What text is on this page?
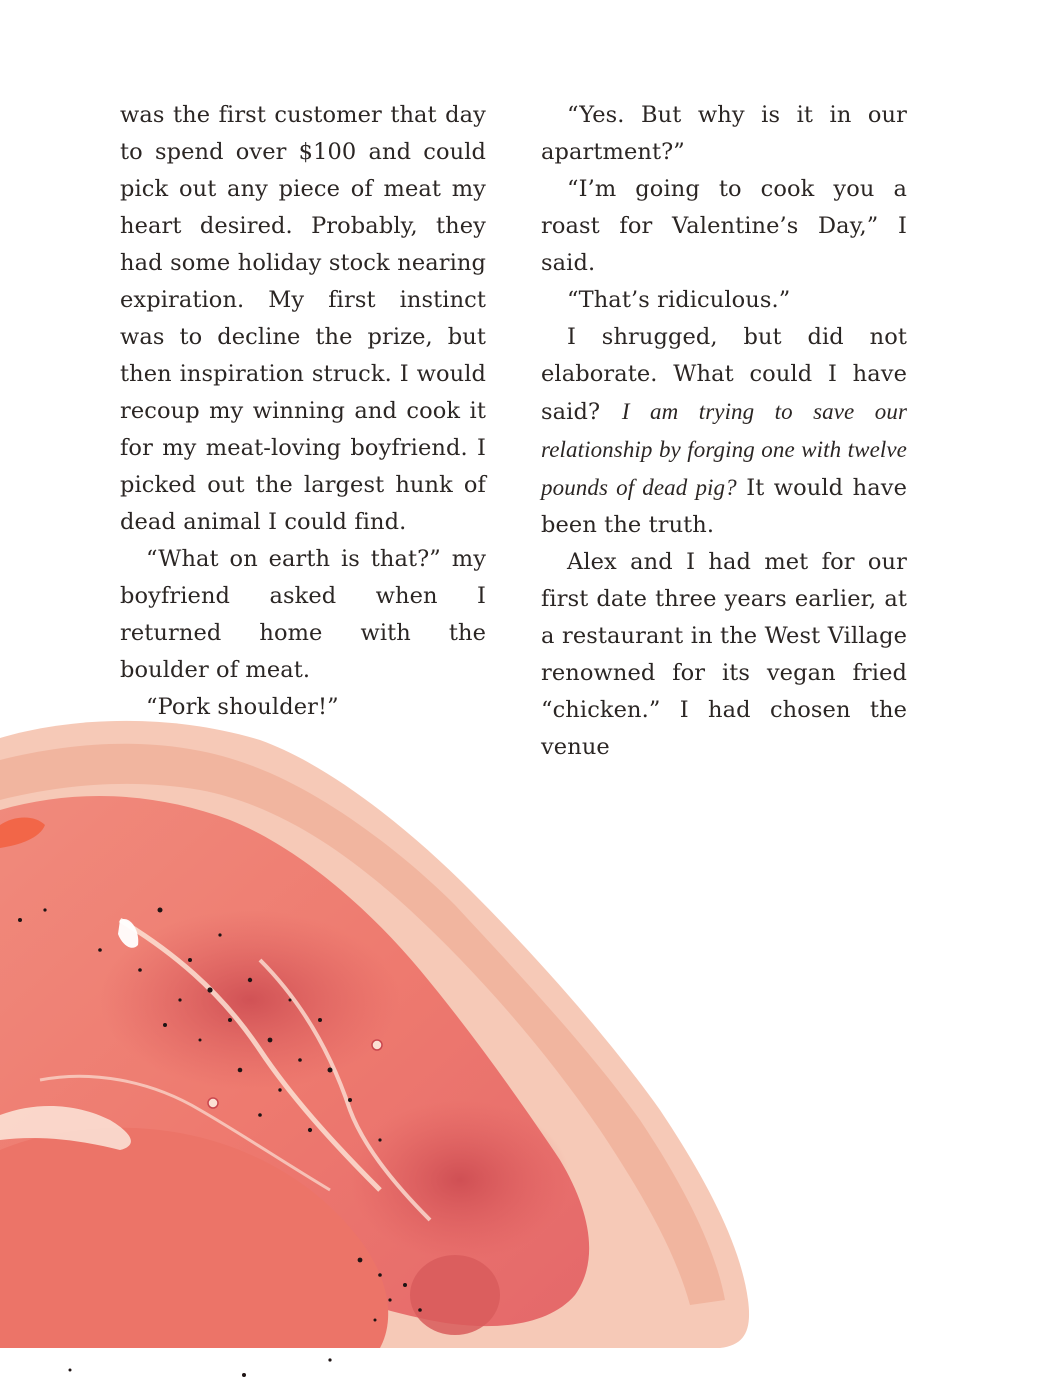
was the first customer that day to spend over $100 and could pick out any piece of meat my heart desired. Probably, they had some holiday stock nearing expiration. My first instinct was to decline the prize, but then inspiration struck. I would recoup my winning and cook it for my meat-loving boyfriend. I picked out the largest hunk of dead animal I could find.

“What on earth is that?” my boyfriend asked when I returned home with the boulder of meat.

“Pork shoulder!”

“Yes. But why is it in our apartment?”

“I’m going to cook you a roast for Valentine’s Day,” I said.

“That’s ridiculous.”

I shrugged, but did not elaborate. What could I have said? I am trying to save our relationship by forging one with twelve pounds of dead pig? It would have been the truth.

Alex and I had met for our first date three years earlier, at a restaurant in the West Village renowned for its vegan fried “chicken.” I had chosen the venue
